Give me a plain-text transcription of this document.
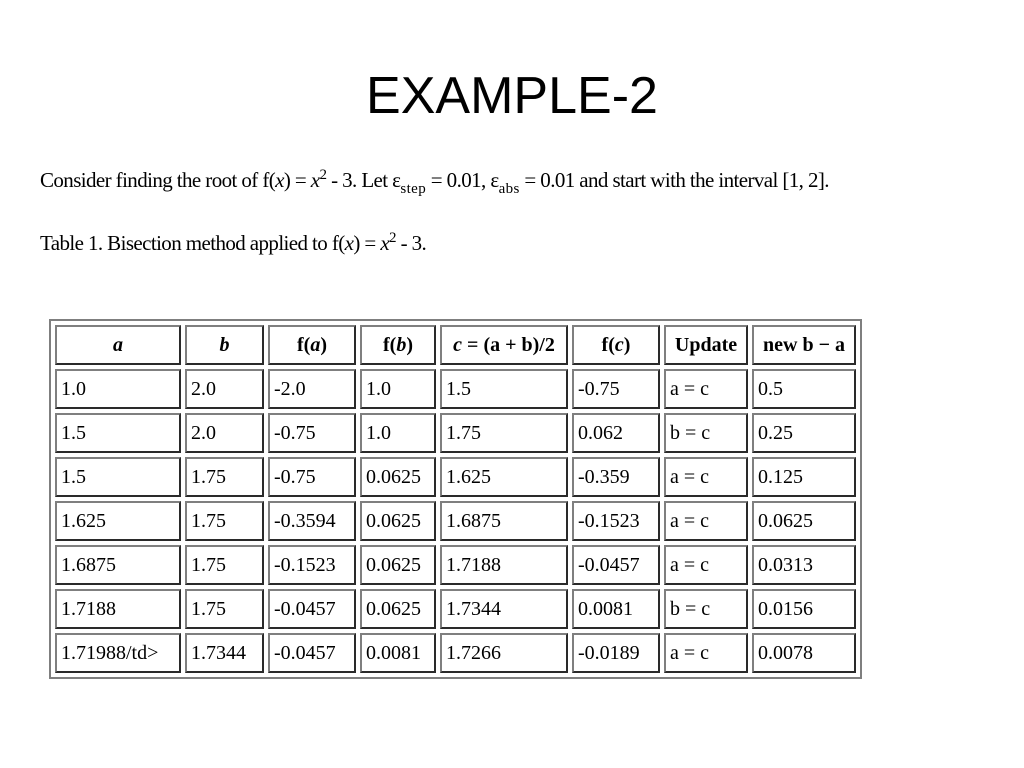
EXAMPLE-2
Consider finding the root of $f(x) = x^2 - 3$. Let $\varepsilon_{step} = 0.01$, $\varepsilon_{abs} = 0.01$ and start with the interval [1, 2].
Table 1. Bisection method applied to $f(x) = x^2 - 3$.
a	b	f(a)	f(b)	c = (a + b)/2	f(c)	Update	new b − a
1.0	2.0	-2.0	1.0	1.5	-0.75	a = c	0.5
1.5	2.0	-0.75	1.0	1.75	0.062	b = c	0.25
1.5	1.75	-0.75	0.0625	1.625	-0.359	a = c	0.125
1.625	1.75	-0.3594	0.0625	1.6875	-0.1523	a = c	0.0625
1.6875	1.75	-0.1523	0.0625	1.7188	-0.0457	a = c	0.0313
1.7188	1.75	-0.0457	0.0625	1.7344	0.0081	b = c	0.0156
1.71988/td>	1.7344	-0.0457	0.0081	1.7266	-0.0189	a = c	0.0078
